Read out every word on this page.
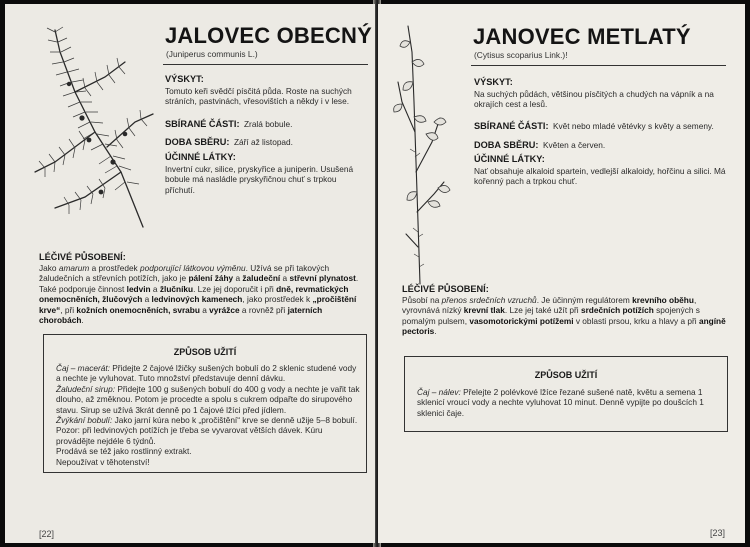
JALOVEC OBECNÝ
(Juniperus communis L.)
VÝSKYT:
Tomuto keři svědčí písčitá půda. Roste na suchých stráních, pastvinách, vřesovištích a někdy i v lese.
SBÍRANÉ ČÁSTI: Zralá bobule.
DOBA SBĚRU: Září až listopad.
ÚČINNÉ LÁTKY:
Invertní cukr, silice, pryskyřice a juniperin. Usušená bobule má nasládle pryskyřičnou chuť s trpkou příchutí.
LÉČIVÉ PŮSOBENÍ:
Jako amarum a prostředek podporující látkovou výměnu. Užívá se při takových žaludečních a střevních potížích, jako je pálení žáhy a žaludeční a střevní plynatost. Také podporuje činnost ledvin a žlučníku. Lze jej doporučit i při dně, revmatických onemocněních, žlučových a ledvinových kamenech, jako prostředek k „pročištění krve“, při kožních onemocněních, svrabu a vyrážce a rovněž při jaterních chorobách.
ZPŮSOB UŽITÍ
Čaj – macerát: Přidejte 2 čajové lžičky sušených bobulí do 2 sklenic studené vody a nechte je vyluhovat. Tuto množství představuje denní dávku.
Žaludeční sirup: Přidejte 100 g sušených bobulí do 400 g vody a nechte je vařit tak dlouho, až změknou. Potom je procedte a spolu s cukrem odpařte do sirupového stavu. Sirup se užívá 3krát denně po 1 čajové lžíci před jídlem.
Žvýkání bobulí: Jako jarní kúra nebo k „pročištění“ krve se denně užije 5–8 bobulí. Pozor: při ledvinových potížích je třeba se vyvarovat větších dávek. Kúru provádějte nejdéle 6 týdnů.
Prodává se též jako rostlinný extrakt.
Nepoužívat v těhotenství!
[22]
JANOVEC METLATÝ
(Cytisus scoparius Link.)!
VÝSKYT:
Na suchých půdách, většinou písčitých a chudých na vápník a na okrajích cest a lesů.
SBÍRANÉ ČÁSTI: Květ nebo mladé větévky s květy a semeny.
DOBA SBĚRU: Květen a červen.
ÚČINNÉ LÁTKY:
Nať obsahuje alkaloid spartein, vedlejší alkaloidy, hořčinu a silici. Má kořenný pach a trpkou chuť.
LÉČIVÉ PŮSOBENÍ:
Působí na přenos srdečních vzruchů. Je účinným regulátorem krevního oběhu, vyrovnává nízký krevní tlak. Lze jej také užít při srdečních potížích spojených s pomalým pulsem, vasomotorickými potížemi v oblasti prsou, krku a hlavy a při angíně pectoris.
ZPŮSOB UŽITÍ
Čaj – nálev: Přelejte 2 polévkové lžíce řezané sušené natě, květu a semena 1 sklenicí vroucí vody a nechte vyluhovat 10 minut. Denně vypijte po doušcích 1 sklenici čaje.
[23]
